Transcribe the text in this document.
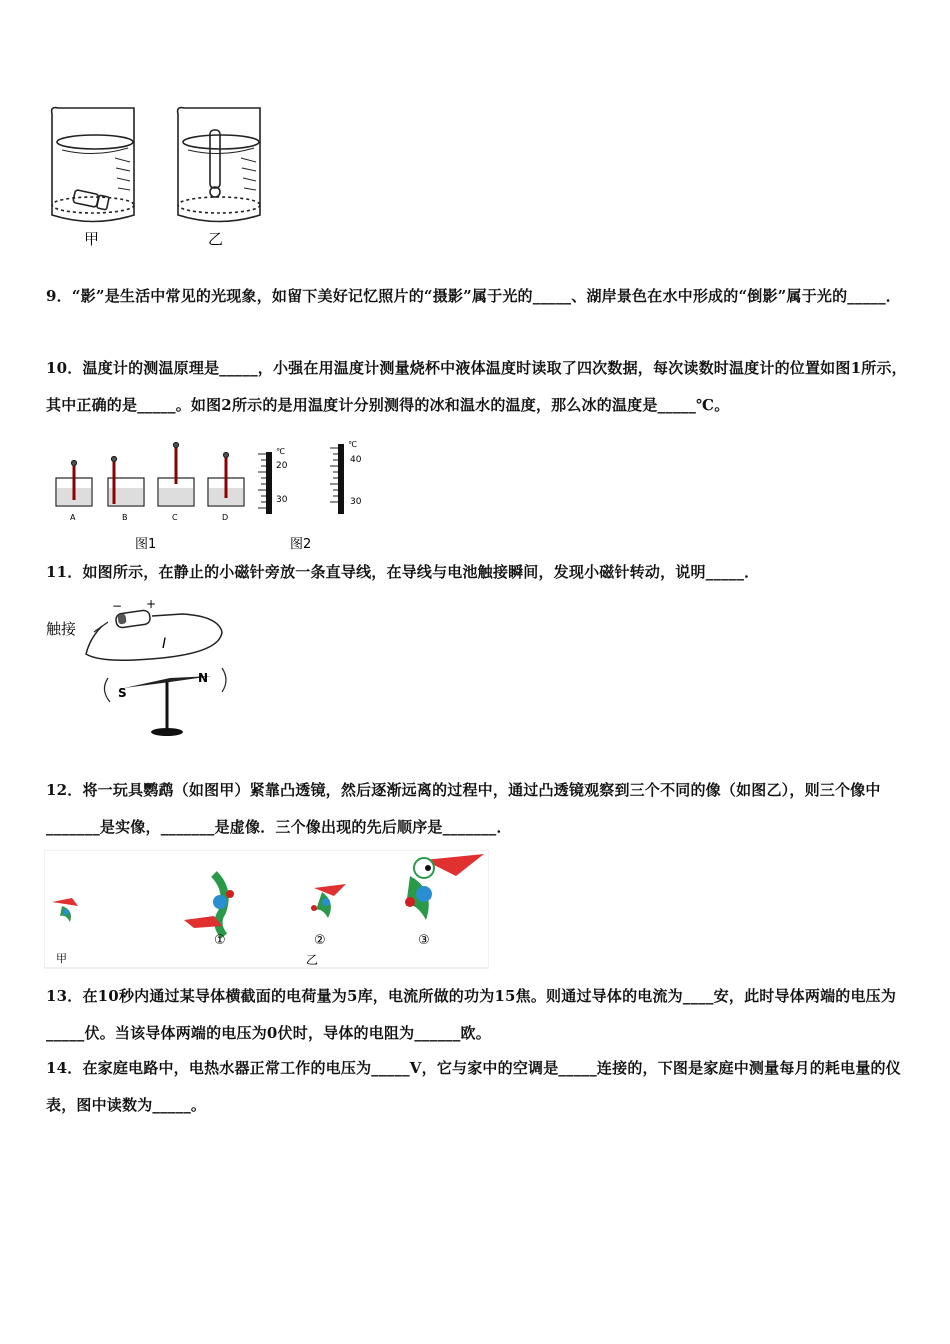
甲	乙
9．“影”是生活中常见的光现象，如留下美好记忆照片的“摄影”属于光的_____、湖岸景色在水中形成的“倒影”属于光的_____．
10．温度计的测温原理是_____，小强在用温度计测量烧杯中液体温度时读取了四次数据，每次读数时温度计的位置如图1所示，其中正确的是_____。如图2所示的是用温度计分别测得的冰和温水的温度，那么冰的温度是_____℃。
A	B	C	D
℃
20
30
℃
40
30
图1	图2
11．如图所示，在静止的小磁针旁放一条直导线，在导线与电池触接瞬间，发现小磁针转动，说明_____．
触接
− +
I
S
N
12．将一玩具鹦鹉（如图甲）紧靠凸透镜，然后逐渐远离的过程中，通过凸透镜观察到三个不同的像（如图乙），则三个像中_______是实像，_______是虚像．三个像出现的先后顺序是_______．
①	②	③
甲	乙
13．在10秒内通过某导体横截面的电荷量为5库，电流所做的功为15焦。则通过导体的电流为____安，此时导体两端的电压为_____伏。当该导体两端的电压为0伏时，导体的电阻为______欧。
14．在家庭电路中，电热水器正常工作的电压为_____V，它与家中的空调是_____连接的，下图是家庭中测量每月的耗电量的仪表，图中读数为_____。
